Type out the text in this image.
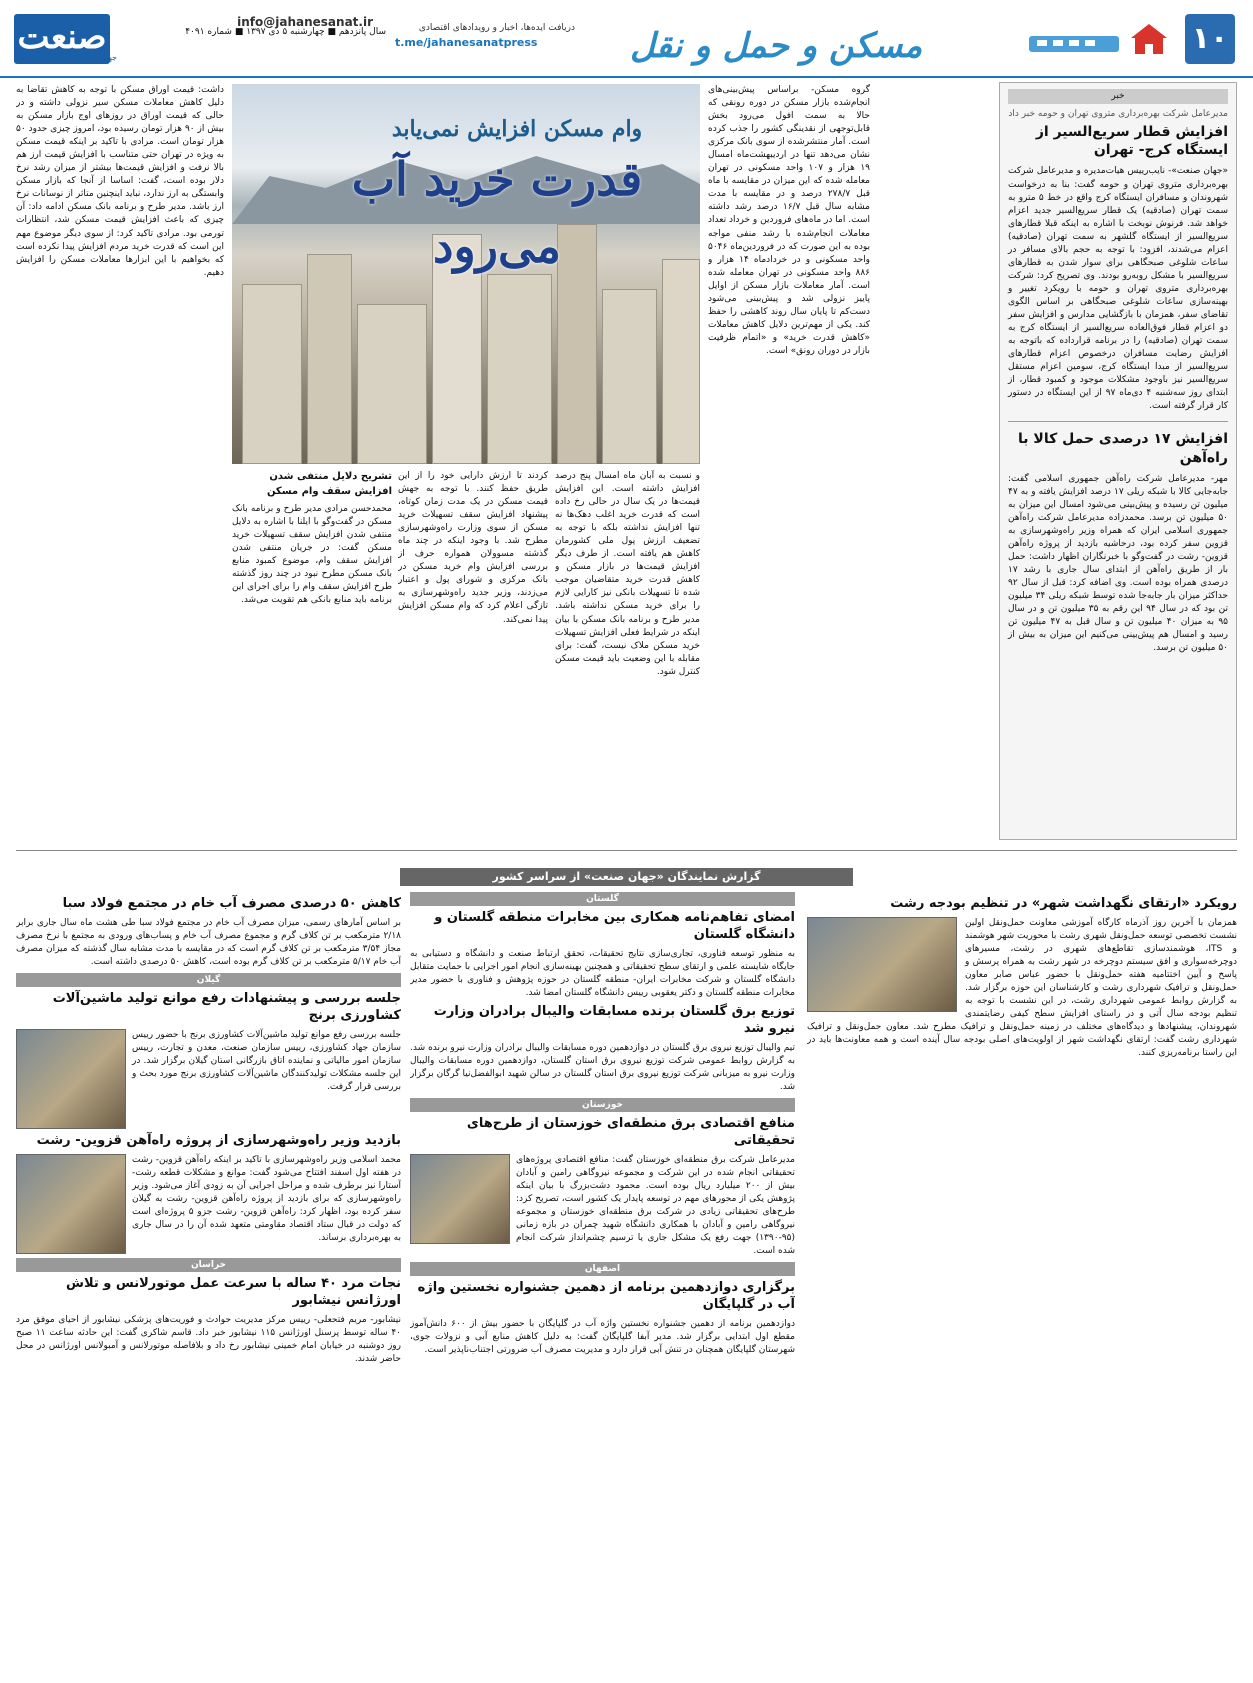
۱۰
info@jahanesanat.ir
مسکن و حمل و نقل
دریافت ایده‌ها، اخبار و رویدادهای اقتصادی
t.me/jahanesanatpress
سال پانزدهم ■ چهارشنبه ۵ دی ۱۳۹۷ ■ شماره ۴۰۹۱
صنعت
جهان
خبر
مدیرعامل شرکت بهره‌برداری متروی تهران و حومه خبر داد
افزایش قطار سریع‌السیر از ایستگاه کرج- تهران

«جهان صنعت»- نایب‌رییس هیات‌مدیره و مدیرعامل شرکت بهره‌برداری متروی تهران و حومه گفت: بنا به درخواست شهروندان و مسافران ایستگاه کرج واقع در خط ۵ مترو به سمت تهران (صادقیه) یک قطار سریع‌السیر جدید اعزام خواهد شد. فرنوش نوبخت با اشاره به اینکه قبلا قطارهای سریع‌السیر از ایستگاه گلشهر به سمت تهران (صادقیه) اعزام می‌شدند، افزود: با توجه به حجم بالای مسافر در ساعات شلوغی صبحگاهی برای سوار شدن به قطارهای سریع‌السیر با مشکل روبه‌رو بودند. وی تصریح کرد: شرکت بهره‌برداری متروی تهران و حومه با رویکرد تغییر و بهینه‌سازی ساعات شلوغی صبحگاهی بر اساس الگوی تقاضای سفر، همزمان با بازگشایی مدارس و افزایش سفر دو اعزام قطار فوق‌العاده سریع‌السیر از ایستگاه کرج به سمت تهران (صادقیه) را در برنامه قرارداده که باتوجه به افزایش رضایت مسافران درخصوص اعزام قطارهای سریع‌السیر از مبدا ایستگاه کرج، سومین اعزام مستقل سریع‌السیر نیز باوجود مشکلات موجود و کمبود قطار، از ابتدای روز سه‌شنبه ۴ دی‌ماه ۹۷ از این ایستگاه در دستور کار قرار گرفته است.

افزایش ۱۷ درصدی حمل کالا با راه‌آهن

مهر- مدیرعامل شرکت راه‌آهن جمهوری اسلامی گفت: جابه‌جایی کالا با شبکه ریلی ۱۷ درصد افزایش یافته و به ۴۷ میلیون تن رسیده و پیش‌بینی می‌شود امسال این میزان به ۵۰ میلیون تن برسد. محمدزاده مدیرعامل شرکت راه‌آهن جمهوری اسلامی ایران که همراه وزیر راه‌وشهرسازی به قزوین سفر کرده بود، درحاشیه بازدید از پروژه راه‌آهن قزوین- رشت در گفت‌وگو با خبرنگاران اظهار داشت: حمل بار از طریق راه‌آهن از ابتدای سال جاری با رشد ۱۷ درصدی همراه بوده است. وی اضافه کرد: قبل از سال ۹۲ حداکثر میزان بار جابه‌جا شده توسط شبکه ریلی ۳۴ میلیون تن بود که در سال ۹۴ این رقم به ۳۵ میلیون تن و در سال ۹۵ به میزان ۴۰ میلیون تن و سال قبل به ۴۷ میلیون تن رسید و امسال هم پیش‌بینی می‌کنیم این میزان به بیش از ۵۰ میلیون تن برسد.

وام مسکن افزایش نمی‌یابد
قدرت خرید آب می‌رود

گروه مسکن- براساس پیش‌بینی‌های انجام‌شده بازار مسکن در دوره رونقی که حالا به سمت افول می‌رود بخش قابل‌توجهی از نقدینگی کشور را جذب کرده است. آمار منتشرشده از سوی بانک مرکزی نشان می‌دهد تنها در اردیبهشت‌ماه امسال ۱۹ هزار و ۱۰۷ واحد مسکونی در تهران معامله شده که این میزان در مقایسه با ماه قبل ۲۷۸/۷ درصد و در مقایسه با مدت مشابه سال قبل ۱۶/۷ درصد رشد داشته است. اما در ماه‌های فروردین و خرداد تعداد معاملات انجام‌شده با رشد منفی مواجه بوده به این صورت که در فروردین‌ماه ۵۰۴۶ واحد مسکونی و در خردادماه ۱۴ هزار و ۸۸۶ واحد مسکونی در تهران معامله شده است. آمار معاملات بازار مسکن از اوایل پاییز نزولی شد و پیش‌بینی می‌شود دست‌کم تا پایان سال روند کاهشی را حفظ کند. یکی از مهم‌ترین دلایل کاهش معاملات «کاهش قدرت خرید» و «اتمام ظرفیت بازار در دوران رونق» است.

و نسبت به آبان ماه امسال پنج درصد افزایش داشته است. این افزایش قیمت‌ها در یک سال در حالی رخ داده است که قدرت خرید اغلب دهک‌ها نه تنها افزایش نداشته بلکه با توجه به تضعیف ارزش پول ملی کشورمان کاهش هم یافته است. از طرف دیگر افزایش قیمت‌ها در بازار مسکن و کاهش قدرت خرید متقاضیان موجب شده تا تسهیلات بانکی نیز کارایی لازم را برای خرید مسکن نداشته باشد. مدیر طرح و برنامه بانک مسکن با بیان اینکه در شرایط فعلی افزایش تسهیلات خرید مسکن ملاک نیست، گفت: برای مقابله با این وضعیت باید قیمت مسکن کنترل شود.

کردند تا ارزش دارایی خود را از این طریق حفظ کنند. با توجه به جهش قیمت مسکن در یک مدت زمان کوتاه، پیشنهاد افزایش سقف تسهیلات خرید مسکن از سوی وزارت راه‌وشهرسازی مطرح شد. با وجود اینکه در چند ماه گذشته مسوولان همواره حرف از بررسی افزایش وام خرید مسکن در بانک مرکزی و شورای پول و اعتبار می‌زدند، وزیر جدید راه‌وشهرسازی به تازگی اعلام کرد که وام مسکن افزایش پیدا نمی‌کند.

تشریح دلایل منتفی شدن افزایش سقف وام مسکن

محمدحسن مرادی مدیر طرح و برنامه بانک مسکن در گفت‌وگو با ایلنا با اشاره به دلایل منتفی شدن افزایش سقف تسهیلات خرید مسکن گفت: در جریان منتفی شدن افزایش سقف وام، موضوع کمبود منابع بانک مسکن مطرح نبود در چند روز گذشته طرح افزایش سقف وام را برای اجرای این برنامه باید منابع بانکی هم تقویت می‌شد.

داشت: قیمت اوراق مسکن با توجه به کاهش تقاضا به دلیل کاهش معاملات مسکن سیر نزولی داشته و در حالی که قیمت اوراق در روزهای اوج بازار مسکن به بیش از ۹۰ هزار تومان رسیده بود، امروز چیزی حدود ۵۰ هزار تومان است. مرادی با تاکید بر اینکه قیمت مسکن به ویژه در تهران حتی متناسب با افزایش قیمت ارز هم بالا نرفت و افزایش قیمت‌ها بیشتر از میزان رشد نرخ دلار بوده است، گفت: اساسا از آنجا که بازار مسکن وابستگی به ارز ندارد، نباید اینچنین متاثر از نوسانات نرخ ارز باشد. مدیر طرح و برنامه بانک مسکن ادامه داد: آن چیزی که باعث افزایش قیمت مسکن شد، انتظارات تورمی بود. مرادی تاکید کرد: از سوی دیگر موضوع مهم این است که قدرت خرید مردم افزایش پیدا نکرده است که بخواهیم با این ابزارها معاملات مسکن را افزایش دهیم.

گزارش نمایندگان «جهان صنعت» از سراسر کشور
رویکرد «ارتقای نگهداشت شهر» در تنظیم بودجه رشت

همزمان با آخرین روز آذرماه کارگاه آموزشی معاونت حمل‌ونقل اولین نشست تخصصی توسعه حمل‌ونقل شهری رشت با محوریت شهر هوشمند و ITS، هوشمندسازی تقاطع‌های شهری در رشت، مسیرهای دوچرخه‌سواری و افق سیستم دوچرخه در شهر رشت به همراه پرسش و پاسخ و آیین اختتامیه هفته حمل‌ونقل با حضور عباس صابر معاون حمل‌ونقل و ترافیک شهرداری رشت و کارشناسان این حوزه برگزار شد. به گزارش روابط عمومی شهرداری رشت، در این نشست با توجه به تنظیم بودجه سال آتی و در راستای افزایش سطح کیفی رضایتمندی شهروندان، پیشنهادها و دیدگاه‌های مختلف در زمینه حمل‌ونقل و ترافیک مطرح شد. معاون حمل‌ونقل و ترافیک شهرداری رشت گفت: ارتقای نگهداشت شهر از اولویت‌های اصلی بودجه سال آینده است و همه معاونت‌ها باید در این راستا برنامه‌ریزی کنند.

گلستان
امضای تفاهم‌نامه همکاری بین مخابرات منطقه گلستان و دانشگاه گلستان

به منظور توسعه فناوری، تجاری‌سازی نتایج تحقیقات، تحقق ارتباط صنعت و دانشگاه و دستیابی به جایگاه شایسته علمی و ارتقای سطح تحقیقاتی و همچنین بهینه‌سازی انجام امور اجرایی با حمایت متقابل دانشگاه گلستان و شرکت مخابرات ایران- منطقه گلستان در حوزه پژوهش و فناوری با حضور مدیر مخابرات منطقه گلستان و دکتر یعقوبی رییس دانشگاه گلستان امضا شد.

توزیع برق گلستان برنده مسابقات والیبال برادران وزارت نیرو شد

تیم والیبال توزیع نیروی برق گلستان در دوازدهمین دوره مسابقات والیبال برادران وزارت نیرو برنده شد. به گزارش روابط عمومی شرکت توزیع نیروی برق استان گلستان، دوازدهمین دوره مسابقات والیبال وزارت نیرو به میزبانی شرکت توزیع نیروی برق استان گلستان در سالن شهید ابوالفضل‌نیا گرگان برگزار شد.

خوزستان
منافع اقتصادی برق منطقه‌ای خوزستان از طرح‌های تحقیقاتی

مدیرعامل شرکت برق منطقه‌ای خوزستان گفت: منافع اقتصادی پروژه‌های تحقیقاتی انجام شده در این شرکت و مجموعه نیروگاهی رامین و آبادان بیش از ۲۰۰ میلیارد ریال بوده است. محمود دشت‌بزرگ با بیان اینکه پژوهش یکی از محورهای مهم در توسعه پایدار یک کشور است، تصریح کرد: طرح‌های تحقیقاتی زیادی در شرکت برق منطقه‌ای خوزستان و مجموعه نیروگاهی رامین و آبادان با همکاری دانشگاه شهید چمران در بازه زمانی (۹۵-۱۳۹۰) جهت رفع یک مشکل جاری یا ترسیم چشم‌انداز شرکت انجام شده است.

اصفهان
برگزاری دوازدهمین برنامه از دهمین جشنواره نخستین واژه آب در گلپایگان

دوازدهمین برنامه از دهمین جشنواره نخستین واژه آب در گلپایگان با حضور بیش از ۶۰۰ دانش‌آموز مقطع اول ابتدایی برگزار شد. مدیر آبفا گلپایگان گفت: به دلیل کاهش منابع آبی و نزولات جوی، شهرستان گلپایگان همچنان در تنش آبی قرار دارد و مدیریت مصرف آب ضرورتی اجتناب‌ناپذیر است.

کاهش ۵۰ درصدی مصرف آب خام در مجتمع فولاد سبا

بر اساس آمارهای رسمی، میزان مصرف آب خام در مجتمع فولاد سبا طی هشت ماه سال جاری برابر ۲/۱۸ مترمکعب بر تن کلاف گرم و مجموع مصرف آب خام و پساب‌های ورودی به مجتمع با نرخ مصرف مجاز ۳/۵۴ مترمکعب بر تن کلاف گرم است که در مقایسه با مدت مشابه سال گذشته که میزان مصرف آب خام ۵/۱۷ مترمکعب بر تن کلاف گرم بوده است، کاهش ۵۰ درصدی داشته است.

گیلان
جلسه بررسی و پیشنهادات رفع موانع تولید ماشین‌آلات کشاورزی برنج

جلسه بررسی رفع موانع تولید ماشین‌آلات کشاورزی برنج با حضور رییس سازمان جهاد کشاورزی، رییس سازمان صنعت، معدن و تجارت، رییس سازمان امور مالیاتی و نماینده اتاق بازرگانی استان گیلان برگزار شد. در این جلسه مشکلات تولیدکنندگان ماشین‌آلات کشاورزی برنج مورد بحث و بررسی قرار گرفت.

بازدید وزیر راه‌وشهرسازی از پروژه راه‌آهن قزوین- رشت

محمد اسلامی وزیر راه‌وشهرسازی با تاکید بر اینکه راه‌آهن قزوین- رشت در هفته اول اسفند افتتاح می‌شود گفت: موانع و مشکلات قطعه رشت- آستارا نیز برطرف شده و مراحل اجرایی آن به زودی آغاز می‌شود. وزیر راه‌وشهرسازی که برای بازدید از پروژه راه‌آهن قزوین- رشت به گیلان سفر کرده بود، اظهار کرد: راه‌آهن قزوین- رشت جزو ۵ پروژه‌ای است که دولت در قبال ستاد اقتصاد مقاومتی متعهد شده آن را در سال جاری به بهره‌برداری برساند.

خراسان
نجات مرد ۴۰ ساله با سرعت عمل موتورلانس و تلاش اورژانس نیشابور

نیشابور- مریم فتحعلی- رییس مرکز مدیریت حوادث و فوریت‌های پزشکی نیشابور از احیای موفق مرد ۴۰ ساله توسط پرسنل اورژانس ۱۱۵ نیشابور خبر داد. قاسم شاکری گفت: این حادثه ساعت ۱۱ صبح روز دوشنبه در خیابان امام خمینی نیشابور رخ داد و بلافاصله موتورلانس و آمبولانس اورژانس در محل حاضر شدند.
